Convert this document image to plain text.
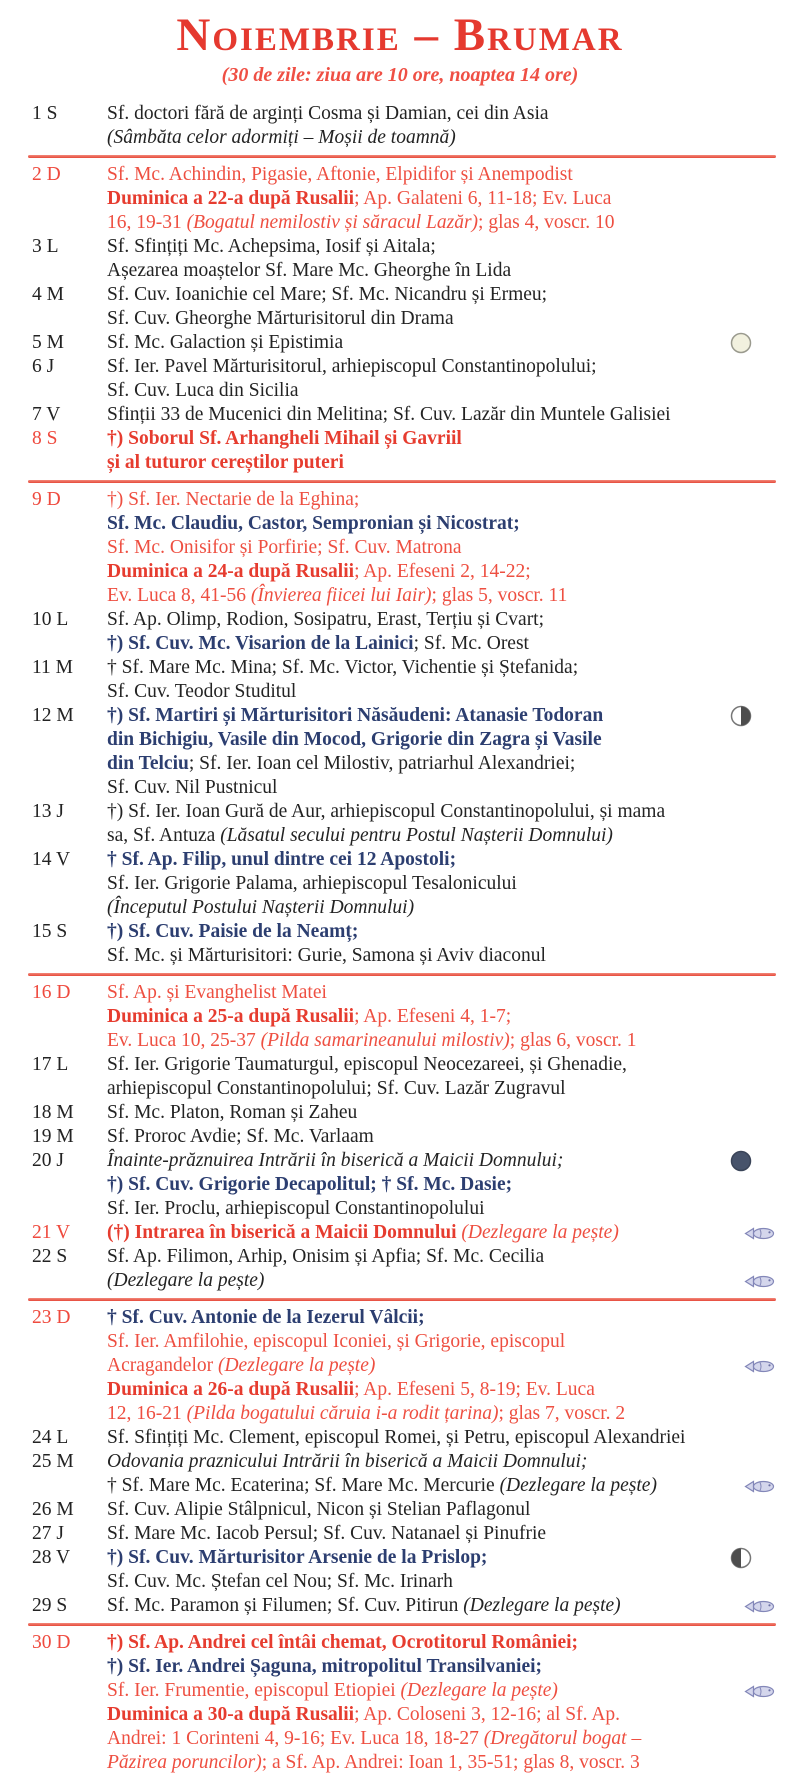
Noiembrie – Brumar
(30 de zile: ziua are 10 ore, noaptea 14 ore)
1 S	Sf. doctori fără de arginți Cosma și Damian, cei din Asia
(Sâmbăta celor adormiți – Moșii de toamnă)
2 D	Sf. Mc. Achindin, Pigasie, Aftonie, Elpidifor și Anempodist
Duminica a 22-a după Rusalii; Ap. Galateni 6, 11-18; Ev. Luca
16, 19-31 (Bogatul nemilostiv și săracul Lazăr); glas 4, voscr. 10
3 L	Sf. Sfințiți Mc. Achepsima, Iosif și Aitala;
Așezarea moaștelor Sf. Mare Mc. Gheorghe în Lida
4 M	Sf. Cuv. Ioanichie cel Mare; Sf. Mc. Nicandru și Ermeu;
Sf. Cuv. Gheorghe Mărturisitorul din Drama
5 M	Sf. Mc. Galaction și Epistimia
6 J	Sf. Ier. Pavel Mărturisitorul, arhiepiscopul Constantinopolului;
Sf. Cuv. Luca din Sicilia
7 V	Sfinții 33 de Mucenici din Melitina; Sf. Cuv. Lazăr din Muntele Galisiei
8 S	†) Soborul Sf. Arhangheli Mihail și Gavriil
și al tuturor cereștilor puteri
9 D	†) Sf. Ier. Nectarie de la Eghina;
Sf. Mc. Claudiu, Castor, Sempronian și Nicostrat;
Sf. Mc. Onisifor și Porfirie; Sf. Cuv. Matrona
Duminica a 24-a după Rusalii; Ap. Efeseni 2, 14-22;
Ev. Luca 8, 41-56 (Învierea fiicei lui Iair); glas 5, voscr. 11
10 L	Sf. Ap. Olimp, Rodion, Sosipatru, Erast, Terțiu și Cvart;
†) Sf. Cuv. Mc. Visarion de la Lainici; Sf. Mc. Orest
11 M	† Sf. Mare Mc. Mina; Sf. Mc. Victor, Vichentie și Ștefanida;
Sf. Cuv. Teodor Studitul
12 M	†) Sf. Martiri și Mărturisitori Năsăudeni: Atanasie Todoran
din Bichigiu, Vasile din Mocod, Grigorie din Zagra și Vasile
din Telciu; Sf. Ier. Ioan cel Milostiv, patriarhul Alexandriei;
Sf. Cuv. Nil Pustnicul
13 J	†) Sf. Ier. Ioan Gură de Aur, arhiepiscopul Constantinopolului, și mama
sa, Sf. Antuza (Lăsatul secului pentru Postul Nașterii Domnului)
14 V	† Sf. Ap. Filip, unul dintre cei 12 Apostoli;
Sf. Ier. Grigorie Palama, arhiepiscopul Tesalonicului
(Începutul Postului Nașterii Domnului)
15 S	†) Sf. Cuv. Paisie de la Neamț;
Sf. Mc. și Mărturisitori: Gurie, Samona și Aviv diaconul
16 D	Sf. Ap. și Evanghelist Matei
Duminica a 25-a după Rusalii; Ap. Efeseni 4, 1-7;
Ev. Luca 10, 25-37 (Pilda samarineanului milostiv); glas 6, voscr. 1
17 L	Sf. Ier. Grigorie Taumaturgul, episcopul Neocezareei, și Ghenadie,
arhiepiscopul Constantinopolului; Sf. Cuv. Lazăr Zugravul
18 M	Sf. Mc. Platon, Roman și Zaheu
19 M	Sf. Proroc Avdie; Sf. Mc. Varlaam
20 J	Înainte-prăznuirea Intrării în biserică a Maicii Domnului;
†) Sf. Cuv. Grigorie Decapolitul; † Sf. Mc. Dasie;
Sf. Ier. Proclu, arhiepiscopul Constantinopolului
21 V	(†) Intrarea în biserică a Maicii Domnului (Dezlegare la pește)
22 S	Sf. Ap. Filimon, Arhip, Onisim și Apfia; Sf. Mc. Cecilia
(Dezlegare la pește)
23 D	† Sf. Cuv. Antonie de la Iezerul Vâlcii;
Sf. Ier. Amfilohie, episcopul Iconiei, și Grigorie, episcopul
Acragandelor (Dezlegare la pește)
Duminica a 26-a după Rusalii; Ap. Efeseni 5, 8-19; Ev. Luca
12, 16-21 (Pilda bogatului căruia i-a rodit țarina); glas 7, voscr. 2
24 L	Sf. Sfințiți Mc. Clement, episcopul Romei, și Petru, episcopul Alexandriei
25 M	Odovania praznicului Intrării în biserică a Maicii Domnului;
† Sf. Mare Mc. Ecaterina; Sf. Mare Mc. Mercurie (Dezlegare la pește)
26 M	Sf. Cuv. Alipie Stâlpnicul, Nicon și Stelian Paflagonul
27 J	Sf. Mare Mc. Iacob Persul; Sf. Cuv. Natanael și Pinufrie
28 V	†) Sf. Cuv. Mărturisitor Arsenie de la Prislop;
Sf. Cuv. Mc. Ștefan cel Nou; Sf. Mc. Irinarh
29 S	Sf. Mc. Paramon și Filumen; Sf. Cuv. Pitirun (Dezlegare la pește)
30 D	†) Sf. Ap. Andrei cel întâi chemat, Ocrotitorul României;
†) Sf. Ier. Andrei Șaguna, mitropolitul Transilvaniei;
Sf. Ier. Frumentie, episcopul Etiopiei (Dezlegare la pește)
Duminica a 30-a după Rusalii; Ap. Coloseni 3, 12-16; al Sf. Ap.
Andrei: 1 Corinteni 4, 9-16; Ev. Luca 18, 18-27 (Dregătorul bogat –
Păzirea poruncilor); a Sf. Ap. Andrei: Ioan 1, 35-51; glas 8, voscr. 3
